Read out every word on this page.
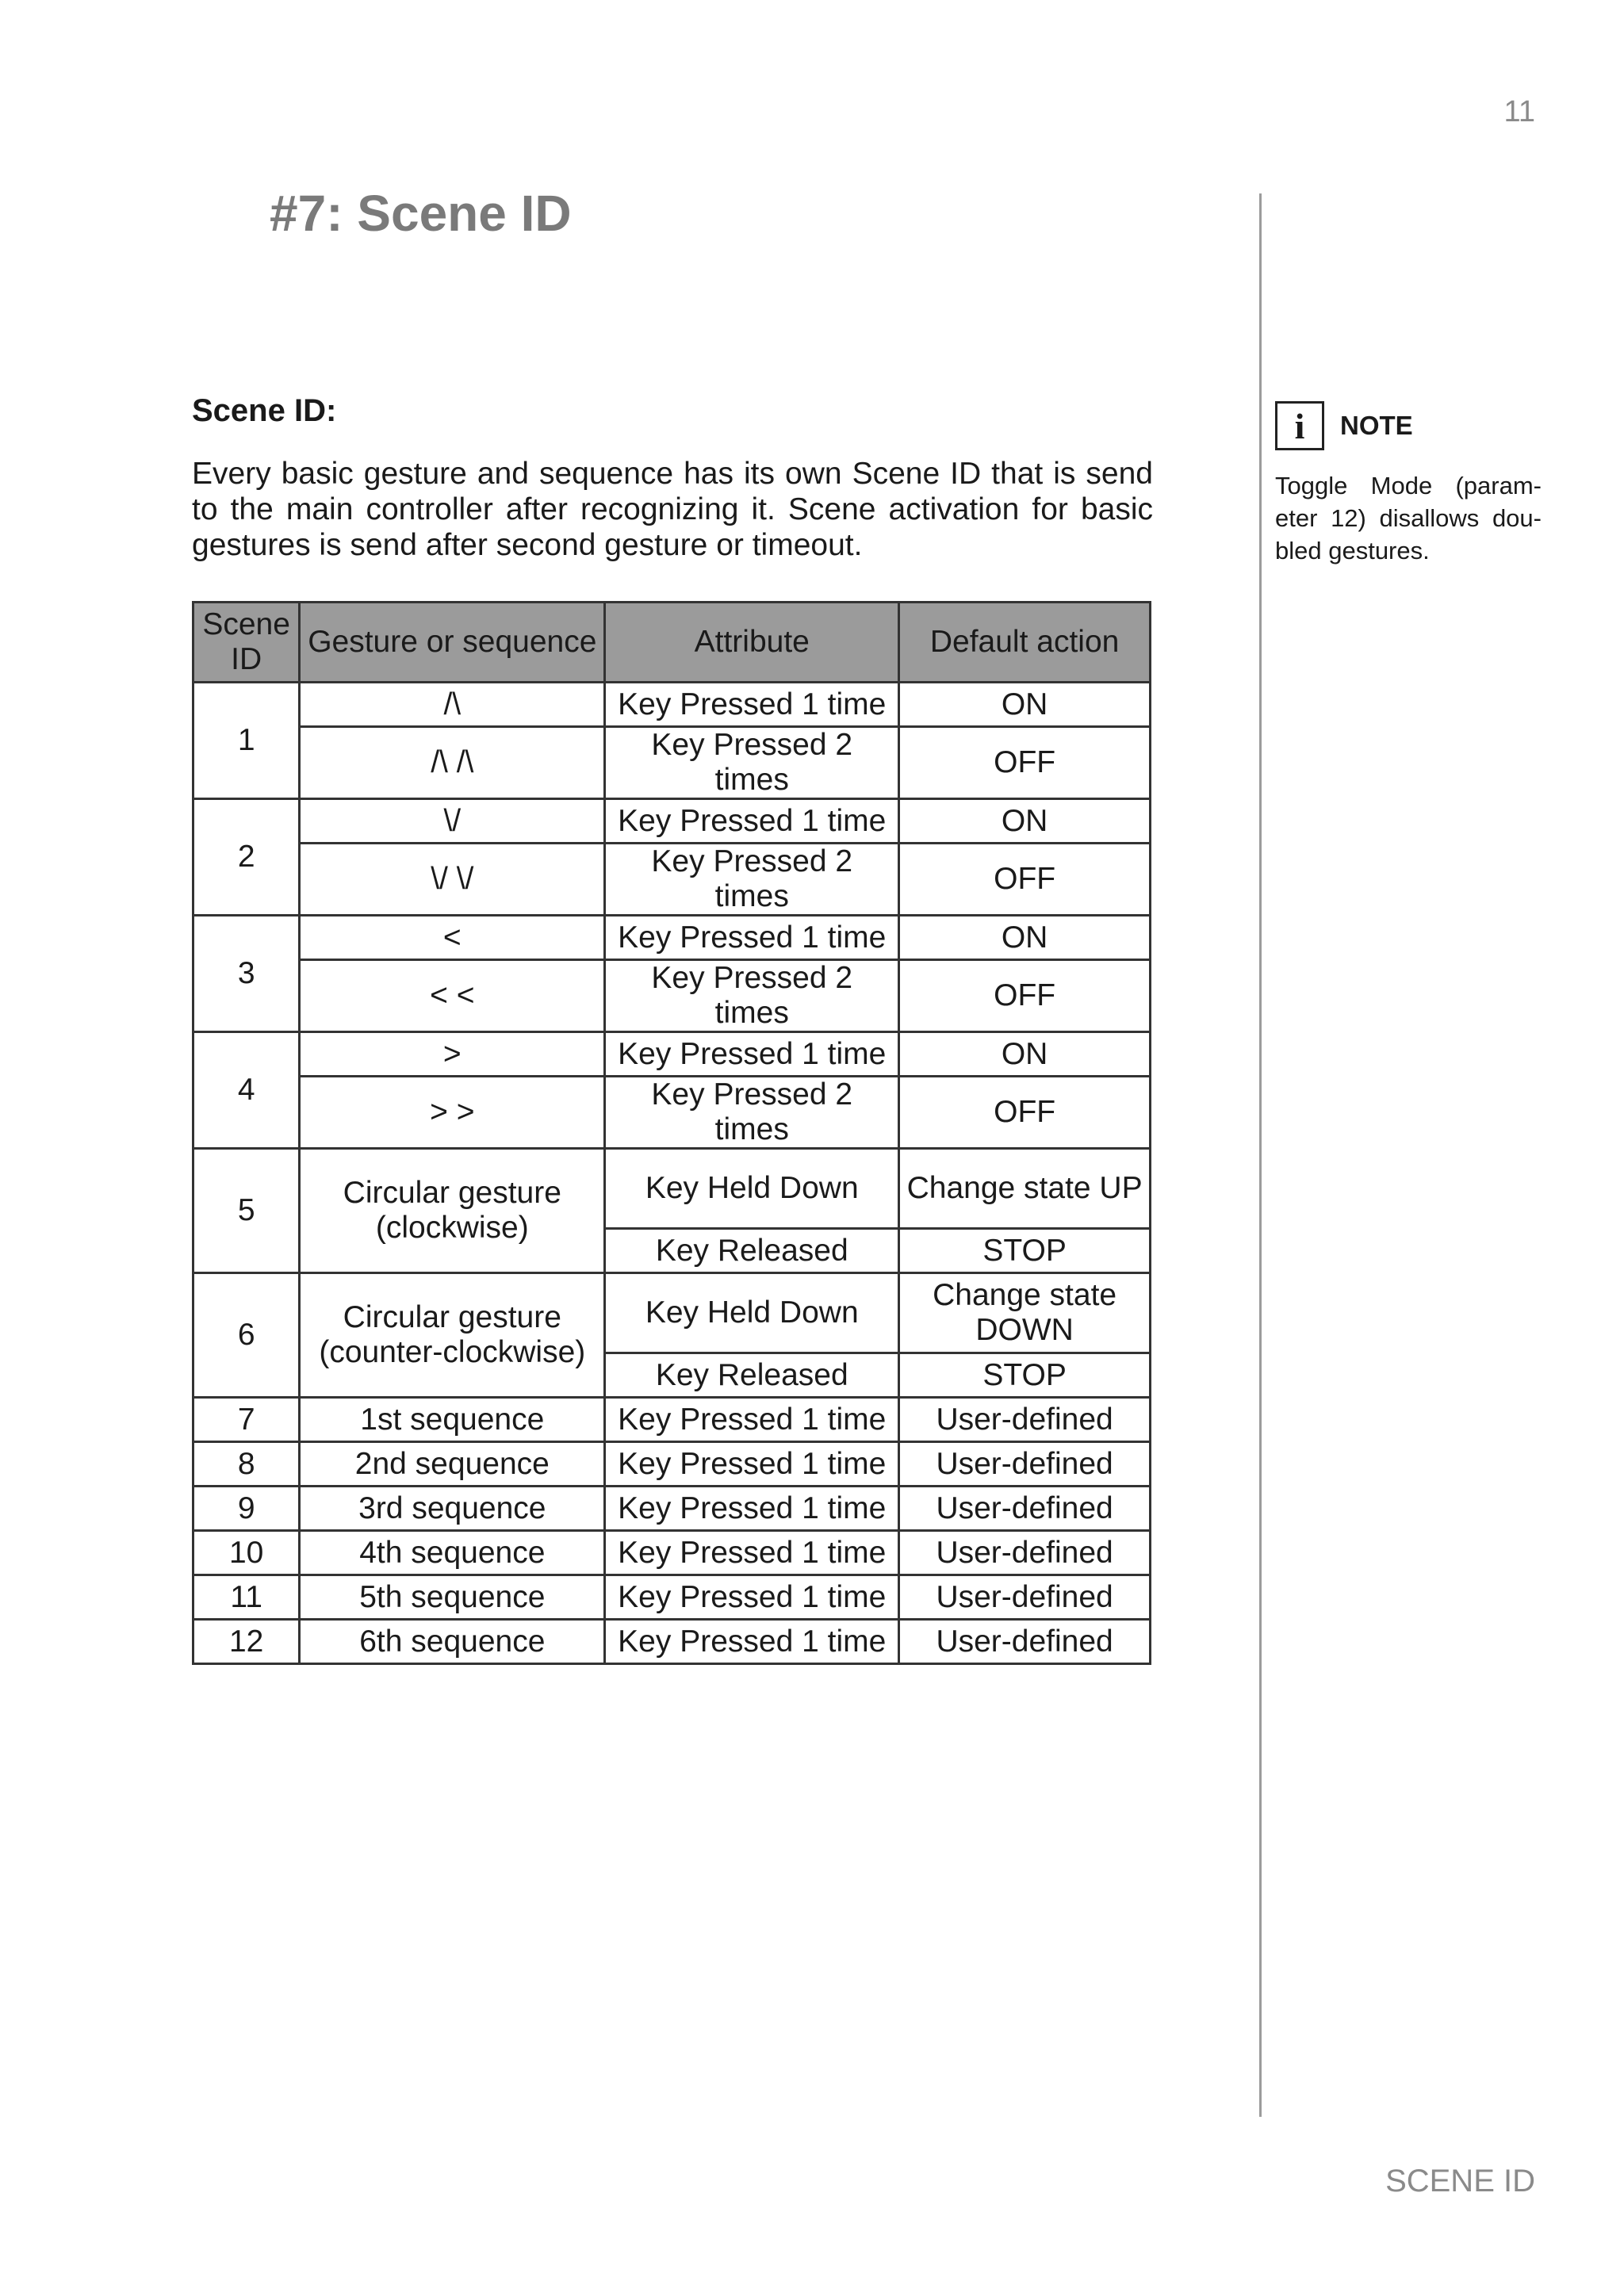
11
#7: Scene ID
Scene ID:

Every basic gesture and sequence has its own Scene ID that is send to the main controller after recognizing it. Scene activation for basic gestures is send after second gesture or timeout.

Scene ID	Gesture or sequence	Attribute	Default action
1	/\	Key Pressed 1 time	ON
	/\ /\	Key Pressed 2 times	OFF
2	\/	Key Pressed 1 time	ON
	\/ \/	Key Pressed 2 times	OFF
3	<	Key Pressed 1 time	ON
	< <	Key Pressed 2 times	OFF
4	>	Key Pressed 1 time	ON
	> >	Key Pressed 2 times	OFF
5	Circular gesture (clockwise)	Key Held Down	Change state UP
		Key Released	STOP
6	Circular gesture (counter-clockwise)	Key Held Down	Change state DOWN
		Key Released	STOP
7	1st sequence	Key Pressed 1 time	User-defined
8	2nd sequence	Key Pressed 1 time	User-defined
9	3rd sequence	Key Pressed 1 time	User-defined
10	4th sequence	Key Pressed 1 time	User-defined
11	5th sequence	Key Pressed 1 time	User-defined
12	6th sequence	Key Pressed 1 time	User-defined
i	NOTE
Toggle Mode (parameter 12) disallows doubled gestures.
SCENE ID
